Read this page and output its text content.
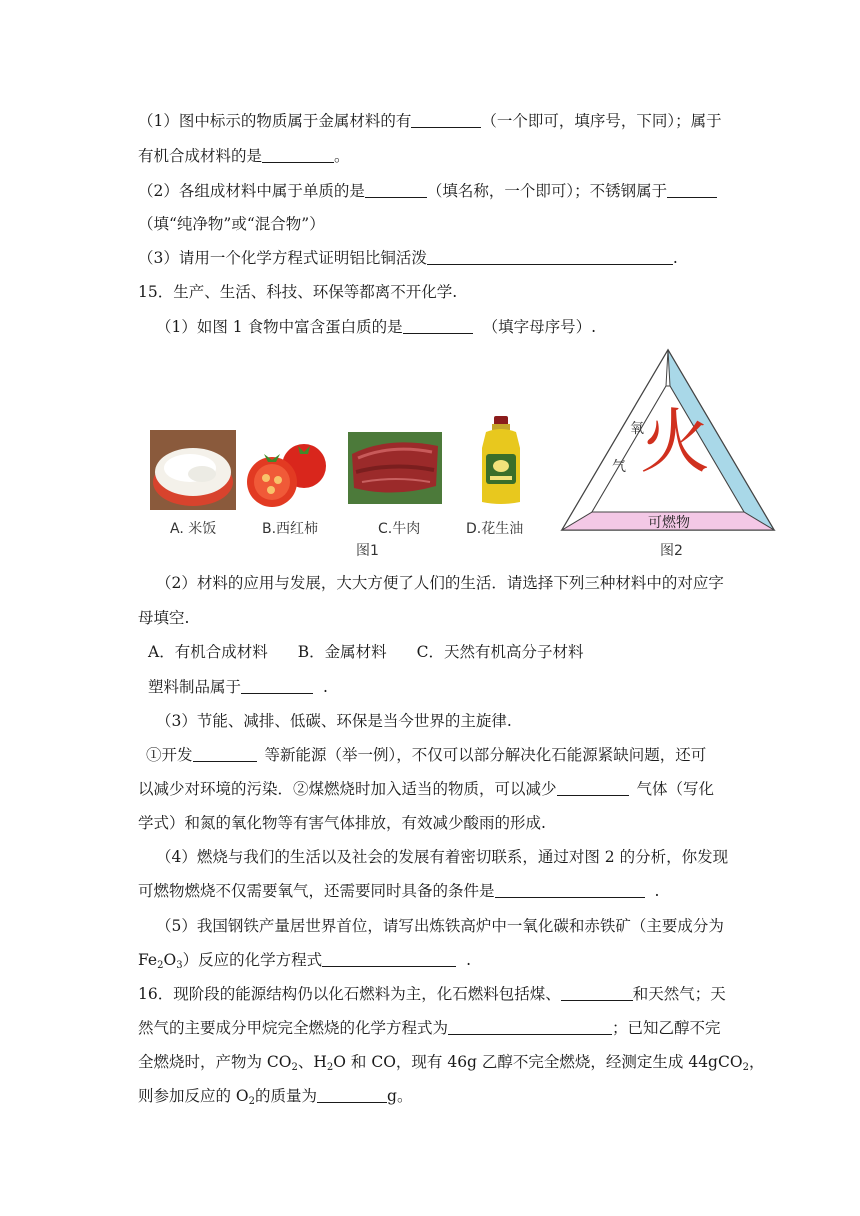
（1）图中标示的物质属于金属材料的有	（一个即可，填序号，下同）；属于
有机合成材料的是	。
（2）各组成材料中属于单质的是	（填名称，一个即可）；不锈钢属于
（填“纯净物”或“混合物”）
（3）请用一个化学方程式证明铝比铜活泼	.
15．生产、生活、科技、环保等都离不开化学.
（1）如图 1 食物中富含蛋白质的是	（填字母序号）.
A. 米饭	B.西红柿	C.牛肉	D.花生油
图1
氧
气 火
可燃物
图2
（2）材料的应用与发展，大大方便了人们的生活．请选择下列三种材料中的对应字
母填空.
A．有机合成材料 B．金属材料 C．天然有机高分子材料
塑料制品属于	.
（3）节能、减排、低碳、环保是当今世界的主旋律.
①开发	等新能源（举一例），不仅可以部分解决化石能源紧缺问题，还可
以减少对环境的污染．②煤燃烧时加入适当的物质，可以减少	气体（写化
学式）和氮的氧化物等有害气体排放，有效减少酸雨的形成.
（4）燃烧与我们的生活以及社会的发展有着密切联系，通过对图 2 的分析，你发现
可燃物燃烧不仅需要氧气，还需要同时具备的条件是	.
（5）我国钢铁产量居世界首位，请写出炼铁高炉中一氧化碳和赤铁矿（主要成分为
$Fe_2O_3$）反应的化学方程式	.
16．现阶段的能源结构仍以化石燃料为主，化石燃料包括煤、	和天然气；天
然气的主要成分甲烷完全燃烧的化学方程式为	；已知乙醇不完
全燃烧时，产物为 $CO_2$、$H_2O$ 和 CO，现有 46g 乙醇不完全燃烧，经测定生成 44gCO$_2$，
则参加反应的 $O_2$的质量为	g。
